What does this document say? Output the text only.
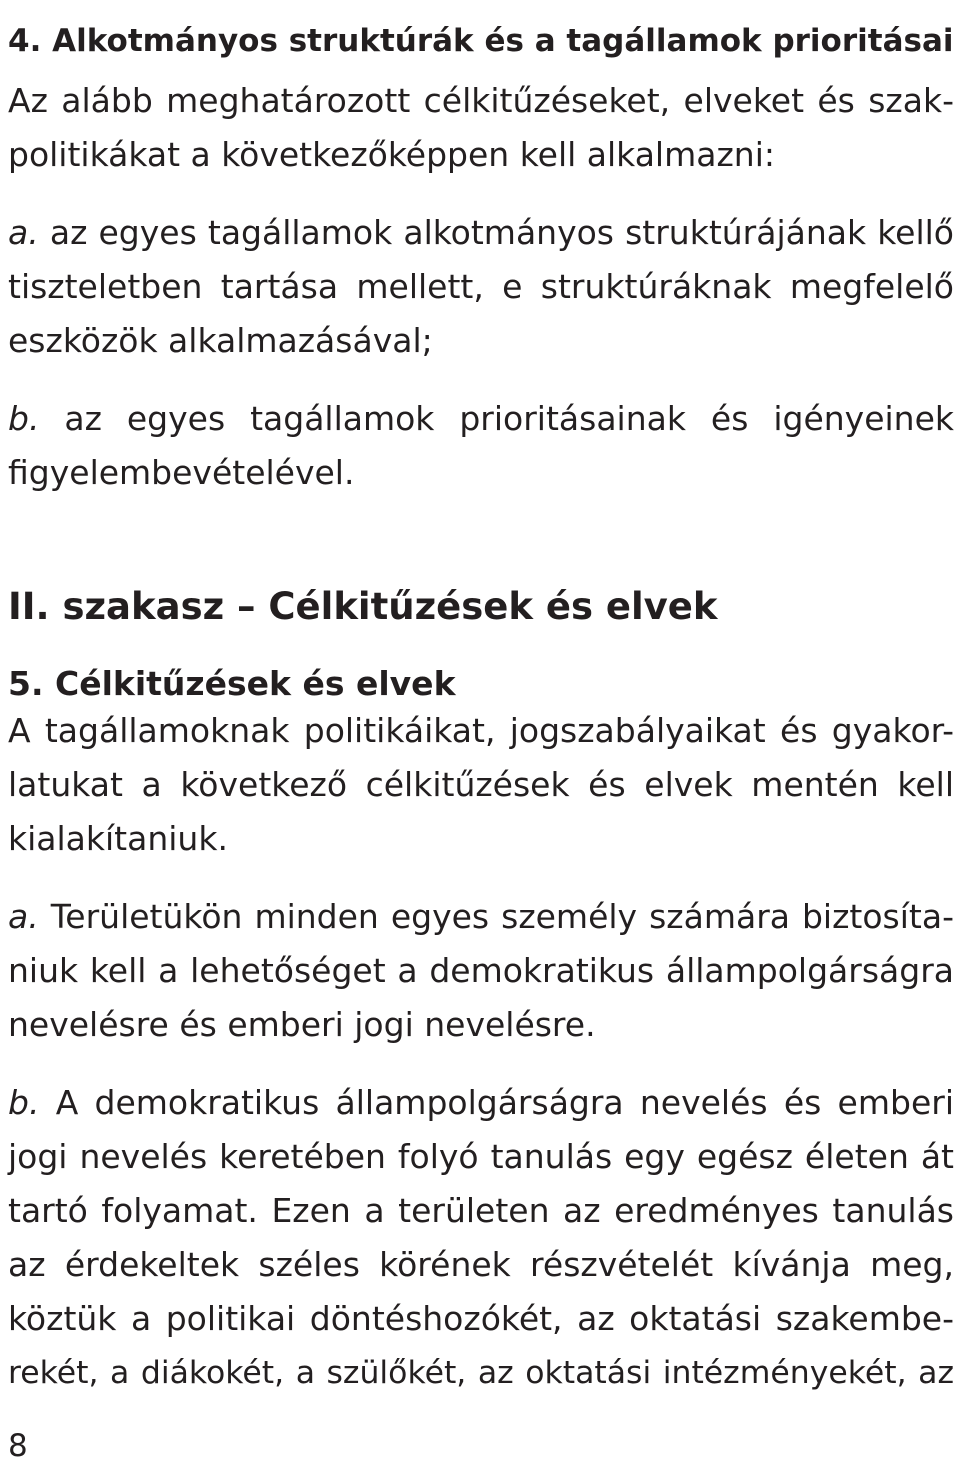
4. Alkotmányos struktúrák és a tagállamok prioritásai
Az alább meghatározott célkitűzéseket, elveket és szak-
politikákat a következőképpen kell alkalmazni:
a. az egyes tagállamok alkotmányos struktúrájának kellő
tiszteletben tartása mellett, e struktúráknak megfelelő
eszközök alkalmazásával;
b. az egyes tagállamok prioritásainak és igényeinek
figyelembevételével.
II. szakasz – Célkitűzések és elvek
5. Célkitűzések és elvek
A tagállamoknak politikáikat, jogszabályaikat és gyakor-
latukat a következő célkitűzések és elvek mentén kell
kialakítaniuk.
a. Területükön minden egyes személy számára biztosíta-
niuk kell a lehetőséget a demokratikus állampolgárságra
nevelésre és emberi jogi nevelésre.
b. A demokratikus állampolgárságra nevelés és emberi
jogi nevelés keretében folyó tanulás egy egész életen át
tartó folyamat. Ezen a területen az eredményes tanulás
az érdekeltek széles körének részvételét kívánja meg,
köztük a politikai döntéshozókét, az oktatási szakembe-
rekét, a diákokét, a szülőkét, az oktatási intézményekét, az
8
